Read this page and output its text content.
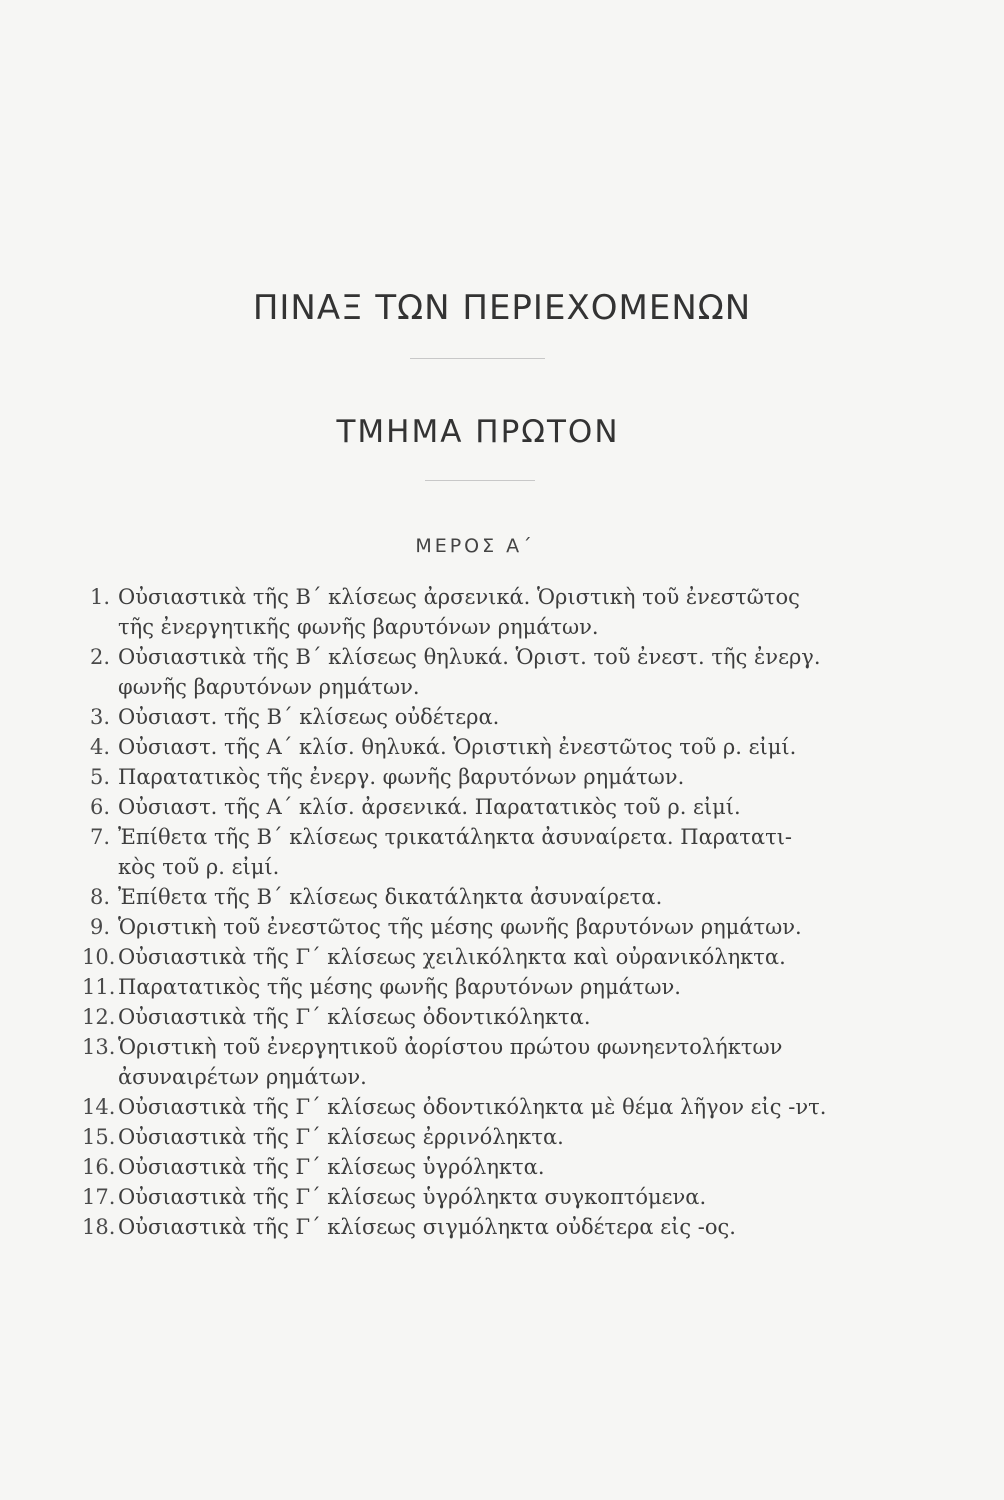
ΠΙΝΑΞ ΤΩΝ ΠΕΡΙΕΧΟΜΕΝΩΝ
ΤΜΗΜΑ ΠΡΩΤΟΝ
ΜΕΡΟΣ Α΄
1. Οὐσιαστικὰ τῆς Β΄ κλίσεως ἀρσενικά. Ὁριστικὴ τοῦ ἐνεστῶτος
τῆς ἐνεργητικῆς φωνῆς βαρυτόνων ρημάτων.
2. Οὐσιαστικὰ τῆς Β΄ κλίσεως θηλυκά. Ὁριστ. τοῦ ἐνεστ. τῆς ἐνεργ.
φωνῆς βαρυτόνων ρημάτων.
3. Οὐσιαστ. τῆς Β΄ κλίσεως οὐδέτερα.
4. Οὐσιαστ. τῆς Α΄ κλίσ. θηλυκά. Ὁριστικὴ ἐνεστῶτος τοῦ ρ. εἰμί.
5. Παρατατικὸς τῆς ἐνεργ. φωνῆς βαρυτόνων ρημάτων.
6. Οὐσιαστ. τῆς Α΄ κλίσ. ἀρσενικά. Παρατατικὸς τοῦ ρ. εἰμί.
7. Ἐπίθετα τῆς Β΄ κλίσεως τρικατάληκτα ἀσυναίρετα. Παρατατι-
κὸς τοῦ ρ. εἰμί.
8. Ἐπίθετα τῆς Β΄ κλίσεως δικατάληκτα ἀσυναίρετα.
9. Ὁριστικὴ τοῦ ἐνεστῶτος τῆς μέσης φωνῆς βαρυτόνων ρημάτων.
10. Οὐσιαστικὰ τῆς Γ΄ κλίσεως χειλικόληκτα καὶ οὐρανικόληκτα.
11. Παρατατικὸς τῆς μέσης φωνῆς βαρυτόνων ρημάτων.
12. Οὐσιαστικὰ τῆς Γ΄ κλίσεως ὀδοντικόληκτα.
13. Ὁριστικὴ τοῦ ἐνεργητικοῦ ἀορίστου πρώτου φωνηεντολήκτων
ἀσυναιρέτων ρημάτων.
14. Οὐσιαστικὰ τῆς Γ΄ κλίσεως ὀδοντικόληκτα μὲ θέμα λῆγον εἰς -ντ.
15. Οὐσιαστικὰ τῆς Γ΄ κλίσεως ἐρρινόληκτα.
16. Οὐσιαστικὰ τῆς Γ΄ κλίσεως ὑγρόληκτα.
17. Οὐσιαστικὰ τῆς Γ΄ κλίσεως ὑγρόληκτα συγκοπτόμενα.
18. Οὐσιαστικὰ τῆς Γ΄ κλίσεως σιγμόληκτα οὐδέτερα εἰς -ος.
